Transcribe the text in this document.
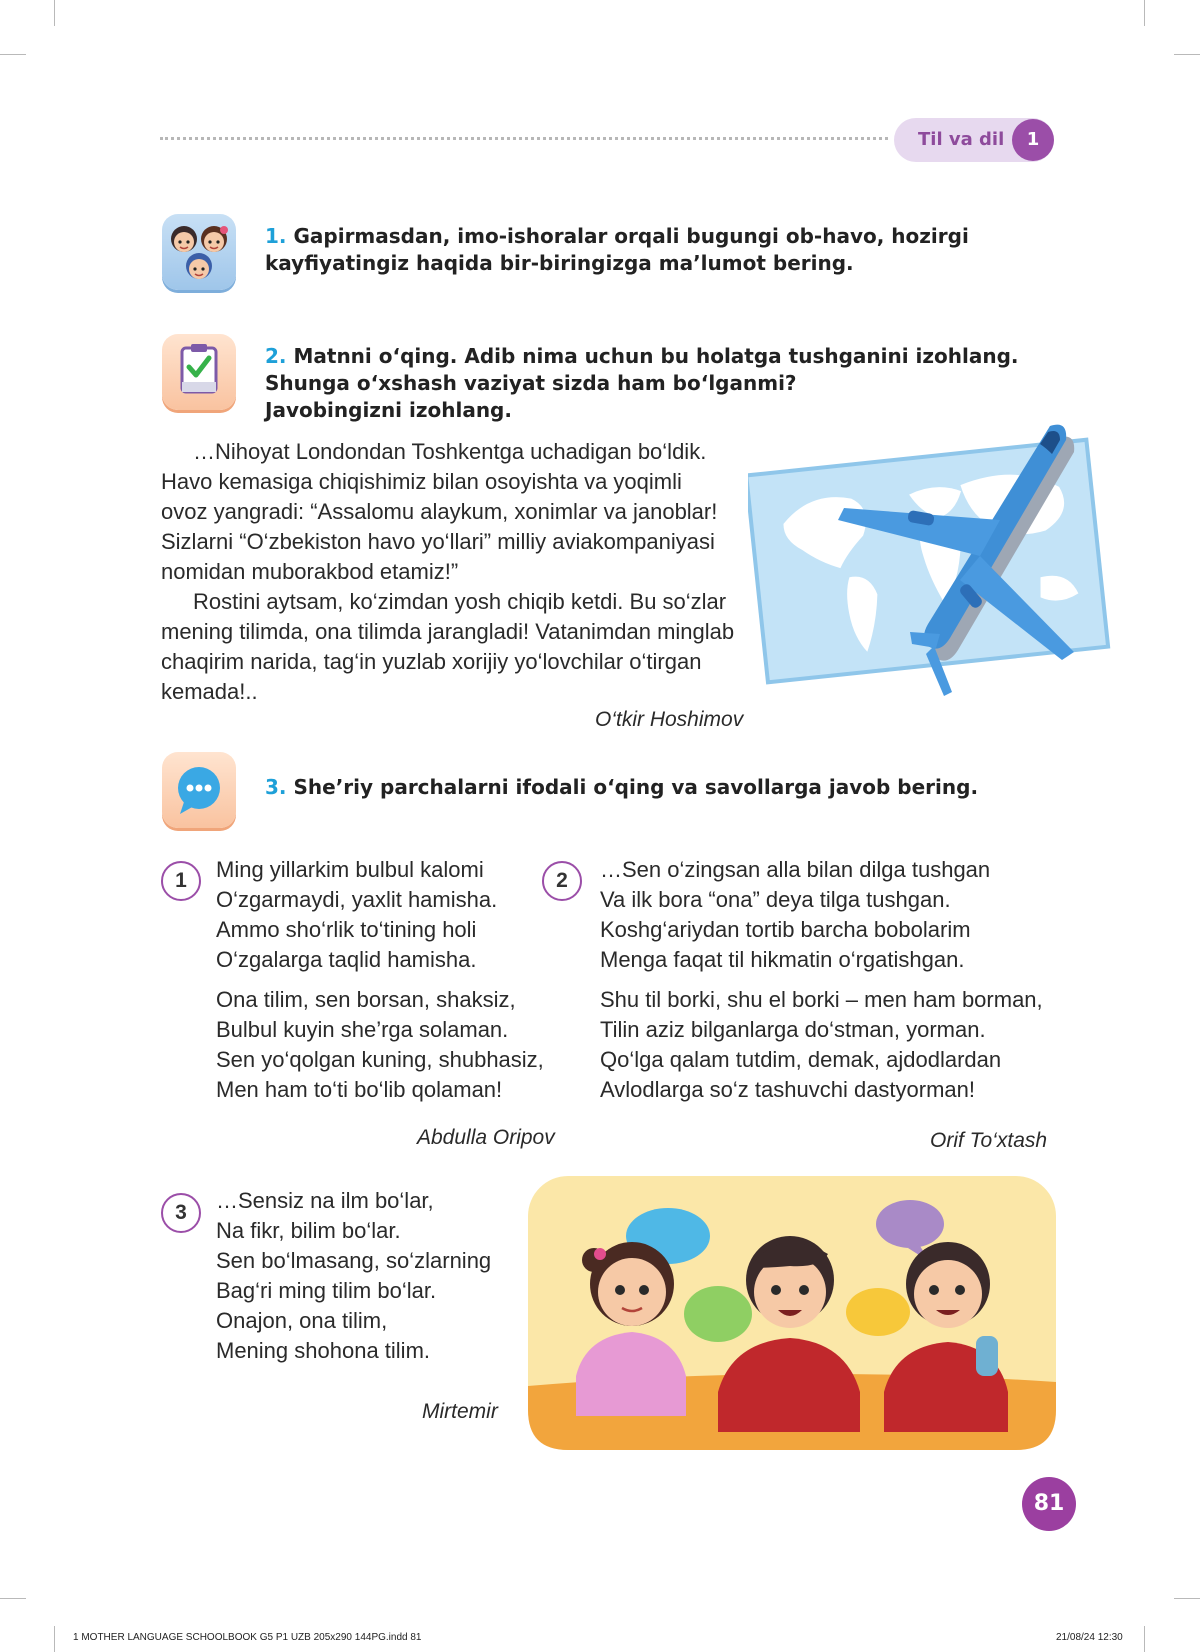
Til va dil	1
1. Gapirmasdan, imo-ishoralar orqali bugungi ob-havo, hozirgi
kayfiyatingiz haqida bir-biringizga ma’lumot bering.
2. Matnni o‘qing. Adib nima uchun bu holatga tushganini izohlang.
Shunga o‘xshash vaziyat sizda ham bo‘lganmi?
Javobingizni izohlang.
…Nihoyat Londondan Toshkentga uchadigan bo‘ldik.
Havo kemasiga chiqishimiz bilan osoyishta va yoqimli
ovoz yangradi: “Assalomu alaykum, xonimlar va janoblar!
Sizlarni “O‘zbekiston havo yo‘llari” milliy aviakompaniyasi
nomidan muborakbod etamiz!”
Rostini aytsam, ko‘zimdan yosh chiqib ketdi. Bu so‘zlar
mening tilimda, ona tilimda jarangladi! Vatanimdan minglab
chaqirim narida, tag‘in yuzlab xorijiy yo‘lovchilar o‘tirgan
kemada!..
O‘tkir Hoshimov
3. She’riy parchalarni ifodali o‘qing va savollarga javob bering.
1	Ming yillarkim bulbul kalomi
O‘zgarmaydi, yaxlit hamisha.
Ammo sho‘rlik to‘tining holi
O‘zgalarga taqlid hamisha.
Ona tilim, sen borsan, shaksiz,
Bulbul kuyin she’rga solaman.
Sen yo‘qolgan kuning, shubhasiz,
Men ham to‘ti bo‘lib qolaman!
Abdulla Oripov
2	…Sen o‘zingsan alla bilan dilga tushgan
Va ilk bora “ona” deya tilga tushgan.
Koshg‘ariydan tortib barcha bobolarim
Menga faqat til hikmatin o‘rgatishgan.
Shu til borki, shu el borki – men ham borman,
Tilin aziz bilganlarga do‘stman, yorman.
Qo‘lga qalam tutdim, demak, ajdodlardan
Avlodlarga so‘z tashuvchi dastyorman!
Orif To‘xtash
3	…Sensiz na ilm bo‘lar,
Na fikr, bilim bo‘lar.
Sen bo‘lmasang, so‘zlarning
Bag‘ri ming tilim bo‘lar.
Onajon, ona tilim,
Mening shohona tilim.
Mirtemir
81
1 MOTHER LANGUAGE SCHOOLBOOK G5 P1 UZB 205x290 144PG.indd 81	21/08/24 12:30
